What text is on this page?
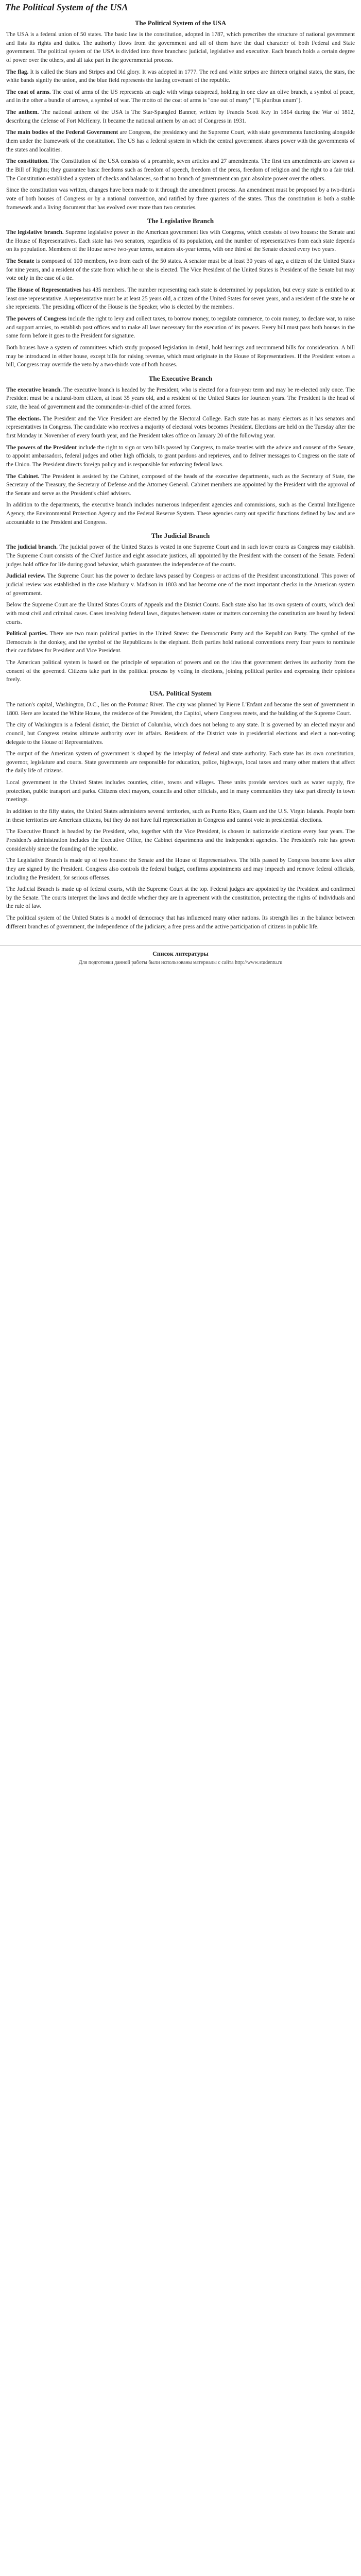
The Political System of the USA
The Political System of the USA

The USA is a federal union of 50 states. The basic law is the constitution, adopted in 1787, which prescribes the structure of national government and lists its rights and duties. The authority flows from the government and all of them have the dual character of both Federal and State government. The political system of the USA is divided into three branches: judicial, legislative and executive. Each branch holds a certain degree of power over the others, and all take part in the governmental process.

The flag. It is called the Stars and Stripes and Old glory. It was adopted in 1777. The red and white stripes are thirteen original states, the stars, the white bands signify the union, and the blue field represents the lasting covenant of the republic.

The coat of arms. The coat of arms of the US represents an eagle with wings outspread, holding in one claw an olive branch, a symbol of peace, and in the other a bundle of arrows, a symbol of war. The motto of the coat of arms is "one out of many" ("E pluribus unum").

The anthem. The national anthem of the USA is The Star-Spangled Banner, written by Francis Scott Key in 1814 during the War of 1812, describing the defense of Fort McHenry. It became the national anthem by an act of Congress in 1931.

The main bodies of the Federal Government are Congress, the presidency and the Supreme Court, with state governments functioning alongside them under the framework of the constitution. The US has a federal system in which the central government shares power with the governments of the states and localities.

The constitution. The Constitution of the USA consists of a preamble, seven articles and 27 amendments. The first ten amendments are known as the Bill of Rights; they guarantee basic freedoms such as freedom of speech, freedom of the press, freedom of religion and the right to a fair trial. The Constitution established a system of checks and balances, so that no branch of government can gain absolute power over the others.

Since the constitution was written, changes have been made to it through the amendment process. An amendment must be proposed by a two-thirds vote of both houses of Congress or by a national convention, and ratified by three quarters of the states. Thus the constitution is both a stable framework and a living document that has evolved over more than two centuries.

The Legislative Branch

The legislative branch. Supreme legislative power in the American government lies with Congress, which consists of two houses: the Senate and the House of Representatives. Each state has two senators, regardless of its population, and the number of representatives from each state depends on its population. Members of the House serve two-year terms, senators six-year terms, with one third of the Senate elected every two years.

The Senate is composed of 100 members, two from each of the 50 states. A senator must be at least 30 years of age, a citizen of the United States for nine years, and a resident of the state from which he or she is elected. The Vice President of the United States is President of the Senate but may vote only in the case of a tie.

The House of Representatives has 435 members. The number representing each state is determined by population, but every state is entitled to at least one representative. A representative must be at least 25 years old, a citizen of the United States for seven years, and a resident of the state he or she represents. The presiding officer of the House is the Speaker, who is elected by the members.

The powers of Congress include the right to levy and collect taxes, to borrow money, to regulate commerce, to coin money, to declare war, to raise and support armies, to establish post offices and to make all laws necessary for the execution of its powers. Every bill must pass both houses in the same form before it goes to the President for signature.

Both houses have a system of committees which study proposed legislation in detail, hold hearings and recommend bills for consideration. A bill may be introduced in either house, except bills for raising revenue, which must originate in the House of Representatives. If the President vetoes a bill, Congress may override the veto by a two-thirds vote of both houses.

The Executive Branch

The executive branch. The executive branch is headed by the President, who is elected for a four-year term and may be re-elected only once. The President must be a natural-born citizen, at least 35 years old, and a resident of the United States for fourteen years. The President is the head of state, the head of government and the commander-in-chief of the armed forces.

The elections. The President and the Vice President are elected by the Electoral College. Each state has as many electors as it has senators and representatives in Congress. The candidate who receives a majority of electoral votes becomes President. Elections are held on the Tuesday after the first Monday in November of every fourth year, and the President takes office on January 20 of the following year.

The powers of the President include the right to sign or veto bills passed by Congress, to make treaties with the advice and consent of the Senate, to appoint ambassadors, federal judges and other high officials, to grant pardons and reprieves, and to deliver messages to Congress on the state of the Union. The President directs foreign policy and is responsible for enforcing federal laws.

The Cabinet. The President is assisted by the Cabinet, composed of the heads of the executive departments, such as the Secretary of State, the Secretary of the Treasury, the Secretary of Defense and the Attorney General. Cabinet members are appointed by the President with the approval of the Senate and serve as the President's chief advisers.

In addition to the departments, the executive branch includes numerous independent agencies and commissions, such as the Central Intelligence Agency, the Environmental Protection Agency and the Federal Reserve System. These agencies carry out specific functions defined by law and are accountable to the President and Congress.

The Judicial Branch

The judicial branch. The judicial power of the United States is vested in one Supreme Court and in such lower courts as Congress may establish. The Supreme Court consists of the Chief Justice and eight associate justices, all appointed by the President with the consent of the Senate. Federal judges hold office for life during good behavior, which guarantees the independence of the courts.

Judicial review. The Supreme Court has the power to declare laws passed by Congress or actions of the President unconstitutional. This power of judicial review was established in the case Marbury v. Madison in 1803 and has become one of the most important checks in the American system of government.

Below the Supreme Court are the United States Courts of Appeals and the District Courts. Each state also has its own system of courts, which deal with most civil and criminal cases. Cases involving federal laws, disputes between states or matters concerning the constitution are heard by federal courts.

Political parties. There are two main political parties in the United States: the Democratic Party and the Republican Party. The symbol of the Democrats is the donkey, and the symbol of the Republicans is the elephant. Both parties hold national conventions every four years to nominate their candidates for President and Vice President.

The American political system is based on the principle of separation of powers and on the idea that government derives its authority from the consent of the governed. Citizens take part in the political process by voting in elections, joining political parties and expressing their opinions freely.

USA. Political System

The nation's capital, Washington, D.C., lies on the Potomac River. The city was planned by Pierre L'Enfant and became the seat of government in 1800. Here are located the White House, the residence of the President, the Capitol, where Congress meets, and the building of the Supreme Court.

The city of Washington is a federal district, the District of Columbia, which does not belong to any state. It is governed by an elected mayor and council, but Congress retains ultimate authority over its affairs. Residents of the District vote in presidential elections and elect a non-voting delegate to the House of Representatives.

The output of the American system of government is shaped by the interplay of federal and state authority. Each state has its own constitution, governor, legislature and courts. State governments are responsible for education, police, highways, local taxes and many other matters that affect the daily life of citizens.

Local government in the United States includes counties, cities, towns and villages. These units provide services such as water supply, fire protection, public transport and parks. Citizens elect mayors, councils and other officials, and in many communities they take part directly in town meetings.

In addition to the fifty states, the United States administers several territories, such as Puerto Rico, Guam and the U.S. Virgin Islands. People born in these territories are American citizens, but they do not have full representation in Congress and cannot vote in presidential elections.

The Executive Branch is headed by the President, who, together with the Vice President, is chosen in nationwide elections every four years. The President's administration includes the Executive Office, the Cabinet departments and the independent agencies. The President's role has grown considerably since the founding of the republic.

The Legislative Branch is made up of two houses: the Senate and the House of Representatives. The bills passed by Congress become laws after they are signed by the President. Congress also controls the federal budget, confirms appointments and may impeach and remove federal officials, including the President, for serious offenses.

The Judicial Branch is made up of federal courts, with the Supreme Court at the top. Federal judges are appointed by the President and confirmed by the Senate. The courts interpret the laws and decide whether they are in agreement with the constitution, protecting the rights of individuals and the rule of law.

The political system of the United States is a model of democracy that has influenced many other nations. Its strength lies in the balance between different branches of government, the independence of the judiciary, a free press and the active participation of citizens in public life.

Список литературы

Для подготовки данной работы были использованы материалы с сайта http://www.studentu.ru
